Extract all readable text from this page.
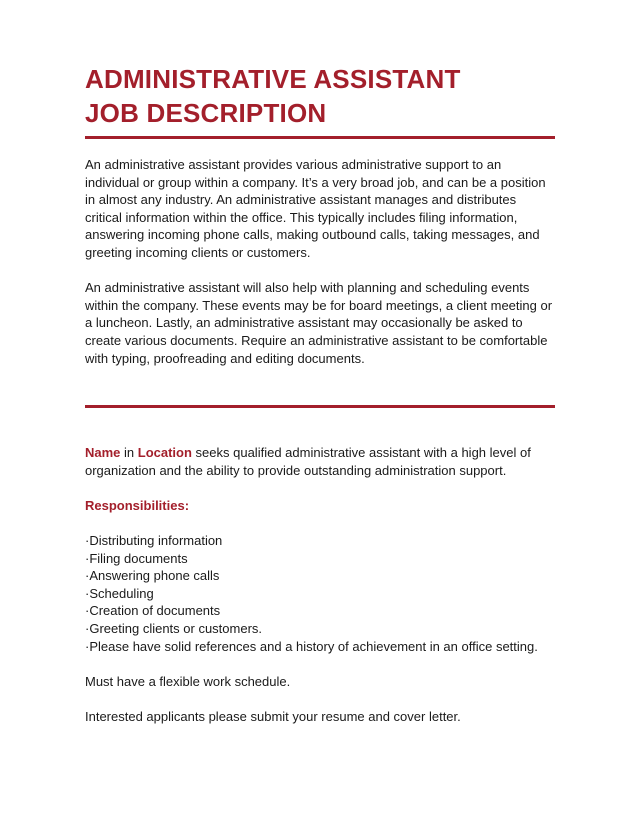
ADMINISTRATIVE ASSISTANT
JOB DESCRIPTION

An administrative assistant provides various administrative support to an individual or group within a company. It’s a very broad job, and can be a position in almost any industry. An administrative assistant manages and distributes critical information within the office. This typically includes filing information, answering incoming phone calls, making outbound calls, taking messages, and greeting incoming clients or customers.

An administrative assistant will also help with planning and scheduling events within the company. These events may be for board meetings, a client meeting or a luncheon. Lastly, an administrative assistant may occasionally be asked to create various documents. Require an administrative assistant to be comfortable with typing, proofreading and editing documents.

Name in Location seeks qualified administrative assistant with a high level of organization and the ability to provide outstanding administration support.

Responsibilities:
· Distributing information
· Filing documents
· Answering phone calls
· Scheduling
· Creation of documents
· Greeting clients or customers.
· Please have solid references and a history of achievement in an office setting.

Must have a flexible work schedule.

Interested applicants please submit your resume and cover letter.
